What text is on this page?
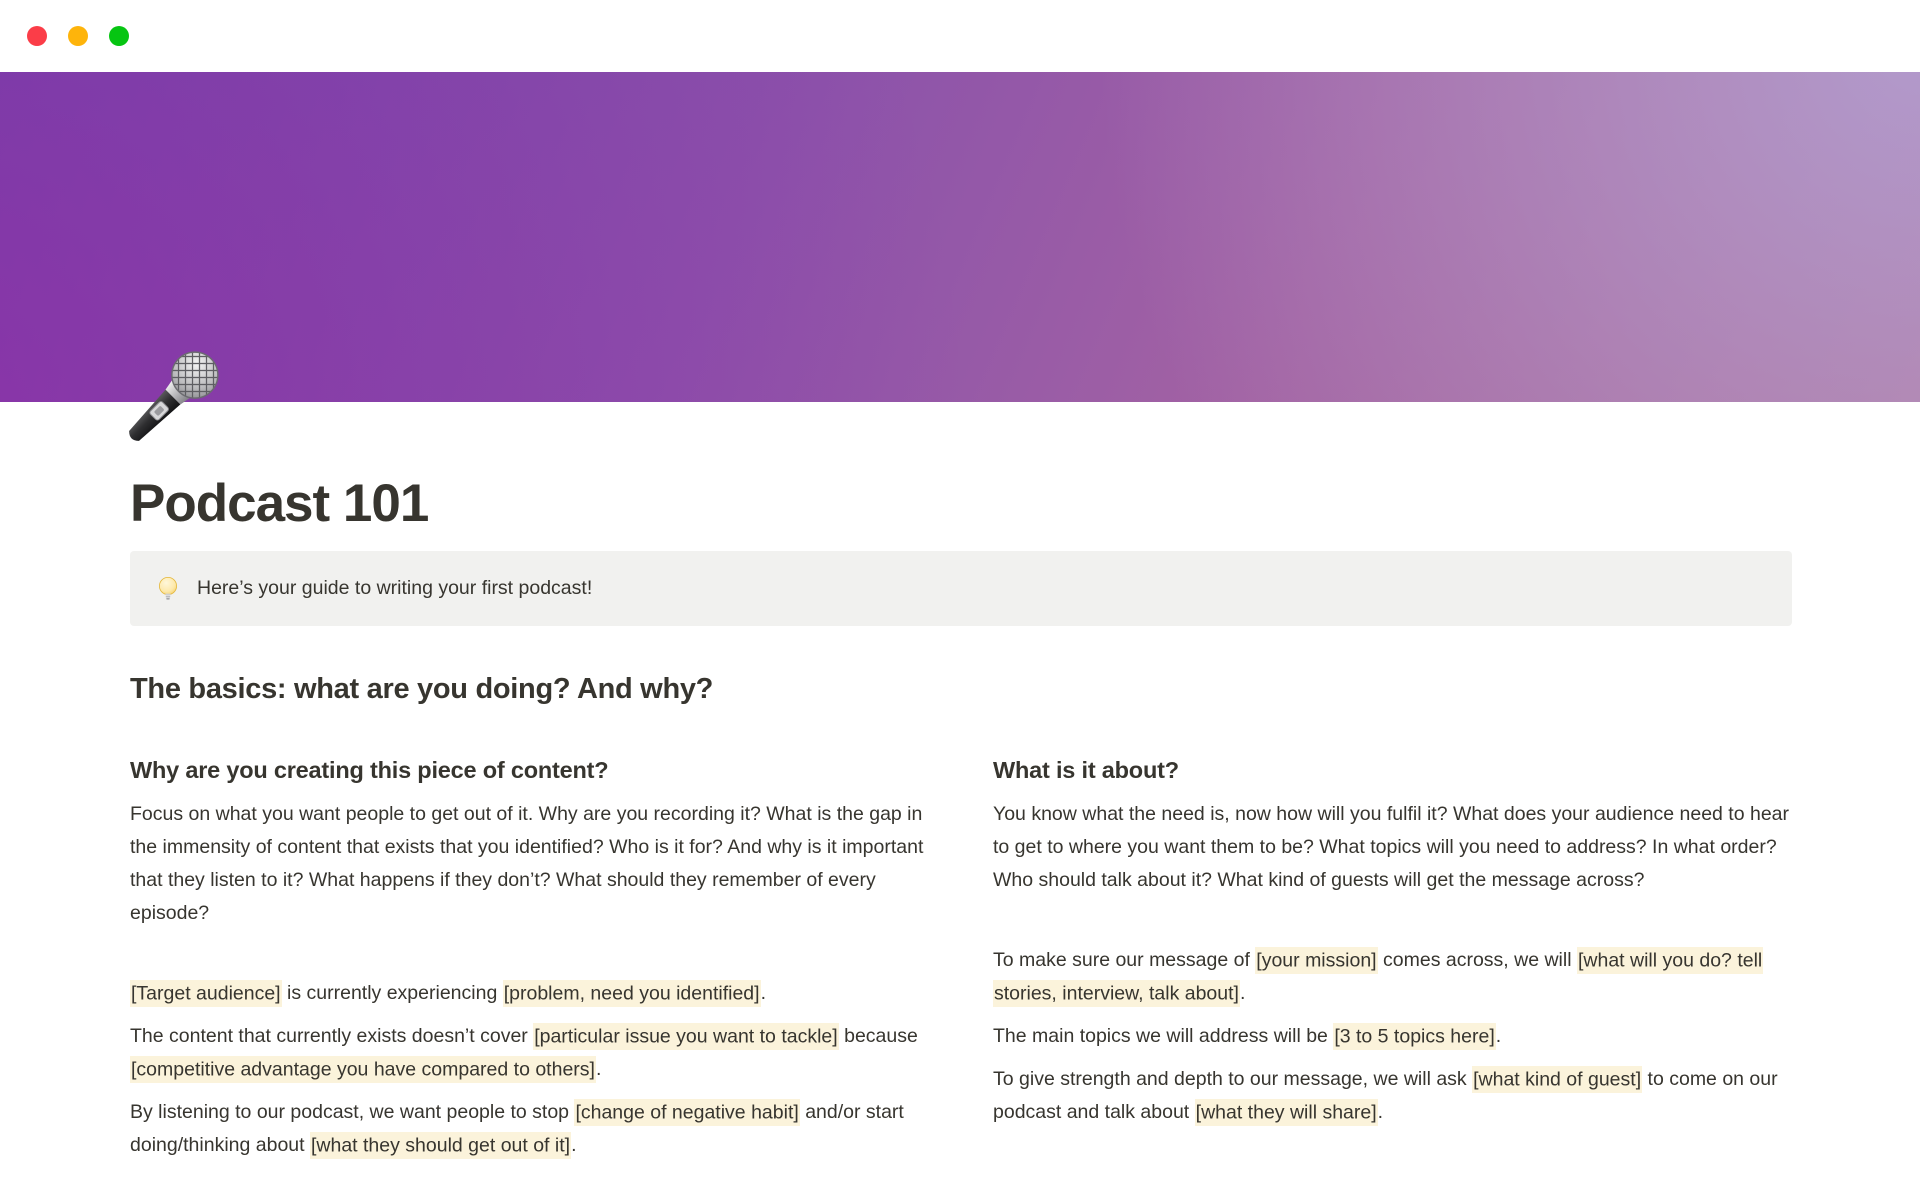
Podcast 101
Here’s your guide to writing your first podcast!
The basics: what are you doing? And why?
Why are you creating this piece of content?

Focus on what you want people to get out of it. Why are you recording it? What is the gap in the immensity of content that exists that you identified? Who is it for? And why is it important that they listen to it? What happens if they don’t? What should they remember of every episode?

[Target audience] is currently experiencing [problem, need you identified].

The content that currently exists doesn’t cover [particular issue you want to tackle] because [competitive advantage you have compared to others].

By listening to our podcast, we want people to stop [change of negative habit] and/or start doing/thinking about [what they should get out of it].

What is it about?

You know what the need is, now how will you fulfil it? What does your audience need to hear to get to where you want them to be? What topics will you need to address? In what order? Who should talk about it? What kind of guests will get the message across?

To make sure our message of [your mission] comes across, we will [what will you do? tell stories, interview, talk about].

The main topics we will address will be [3 to 5 topics here].

To give strength and depth to our message, we will ask [what kind of guest] to come on our podcast and talk about [what they will share].
